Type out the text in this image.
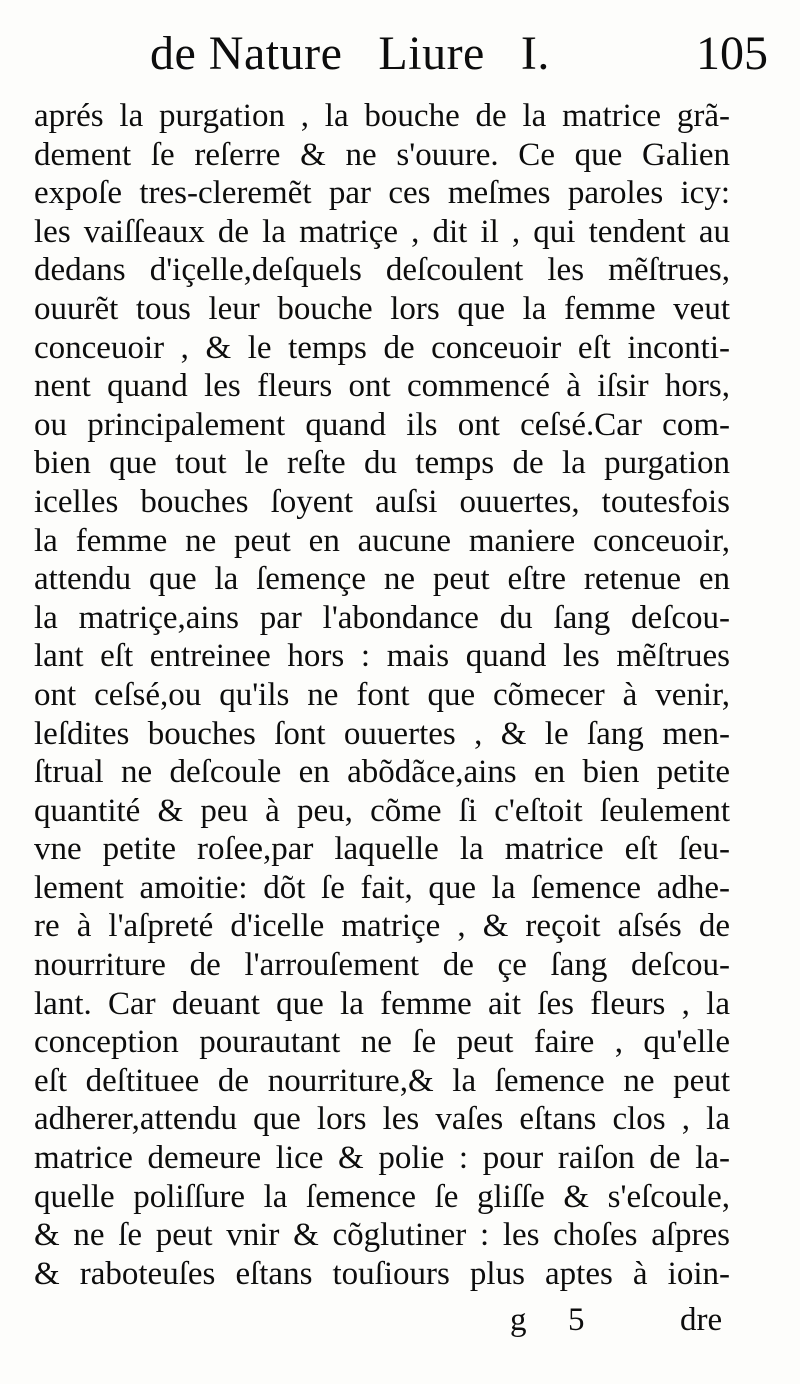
de Nature Liure I.	105
aprés la purgation , la bouche de la matrice grã-
dement ſe reſerre & ne s'ouure. Ce que Galien
expoſe tres-cleremẽt par ces meſmes paroles icy:
les vaiſſeaux de la matriçe , dit il , qui tendent au
dedans d'içelle,deſquels deſcoulent les mẽſtrues,
ouurẽt tous leur bouche lors que la femme veut
conceuoir , & le temps de conceuoir eſt inconti-
nent quand les fleurs ont commencé à iſsir hors,
ou principalement quand ils ont ceſsé.Car com-
bien que tout le reſte du temps de la purgation
icelles bouches ſoyent auſsi ouuertes, toutesfois
la femme ne peut en aucune maniere conceuoir,
attendu que la ſemençe ne peut eſtre retenue en
la matriçe,ains par l'abondance du ſang deſcou-
lant eſt entreinee hors : mais quand les mẽſtrues
ont ceſsé,ou qu'ils ne font que cõmecer à venir,
leſdites bouches ſont ouuertes , & le ſang men-
ſtrual ne deſcoule en abõdãce,ains en bien petite
quantité & peu à peu, cõme ſi c'eſtoit ſeulement
vne petite roſee,par laquelle la matrice eſt ſeu-
lement amoitie: dõt ſe fait, que la ſemence adhe-
re à l'aſpreté d'icelle matriçe , & reçoit aſsés de
nourriture de l'arrouſement de çe ſang deſcou-
lant. Car deuant que la femme ait ſes fleurs , la
conception pourautant ne ſe peut faire , qu'elle
eſt deſtituee de nourriture,& la ſemence ne peut
adherer,attendu que lors les vaſes eſtans clos , la
matrice demeure lice & polie : pour raiſon de la-
quelle poliſſure la ſemence ſe gliſſe & s'eſcoule,
& ne ſe peut vnir & cõglutiner : les choſes aſpres
& raboteuſes eſtans touſiours plus aptes à ioin-
g 5	dre
